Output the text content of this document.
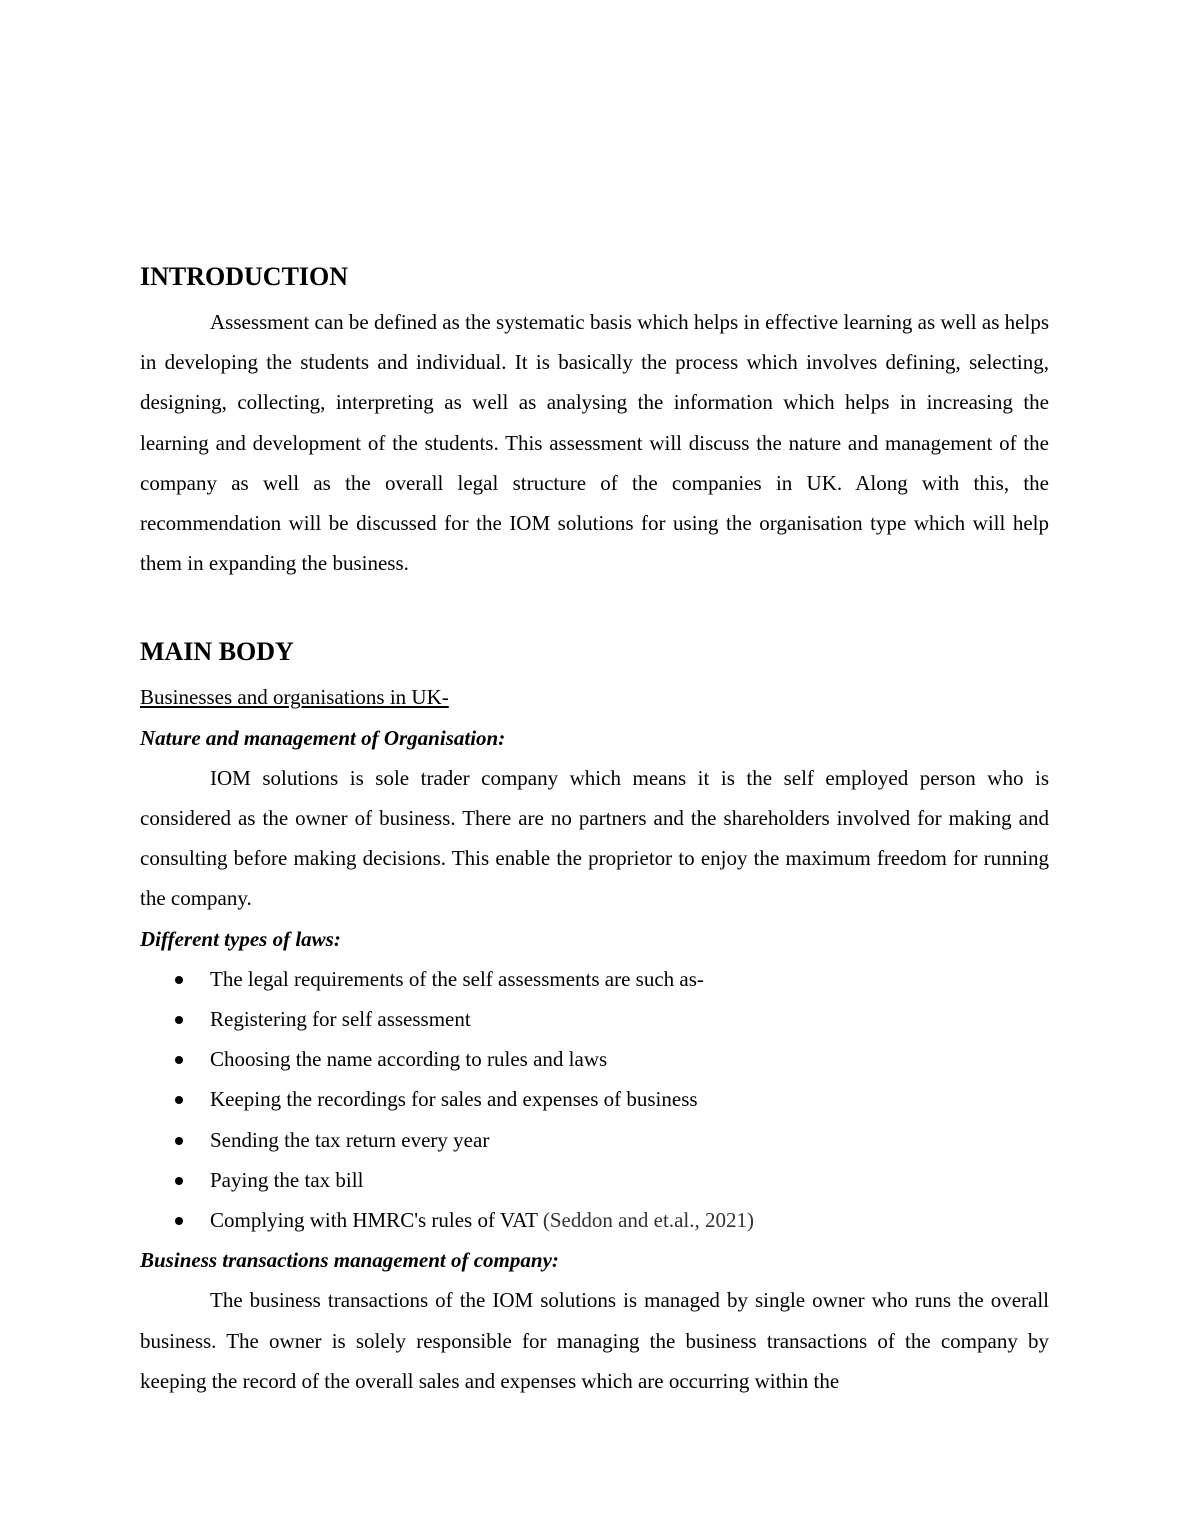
INTRODUCTION

Assessment can be defined as the systematic basis which helps in effective learning as well as helps in developing the students and individual. It is basically the process which involves defining, selecting, designing, collecting, interpreting as well as analysing the information which helps in increasing the learning and development of the students. This assessment will discuss the nature and management of the company as well as the overall legal structure of the companies in UK. Along with this, the recommendation will be discussed for the IOM solutions for using the organisation type which will help them in expanding the business.

MAIN BODY

Businesses and organisations in UK-

Nature and management of Organisation:

IOM solutions is sole trader company which means it is the self employed person who is considered as the owner of business. There are no partners and the shareholders involved for making and consulting before making decisions. This enable the proprietor to enjoy the maximum freedom for running the company.

Different types of laws:

The legal requirements of the self assessments are such as-
Registering for self assessment
Choosing the name according to rules and laws
Keeping the recordings for sales and expenses of business
Sending the tax return every year
Paying the tax bill
Complying with HMRC's rules of VAT (Seddon and et.al., 2021)

Business transactions management of company:

The business transactions of the IOM solutions is managed by single owner who runs the overall business. The owner is solely responsible for managing the business transactions of the company by keeping the record of the overall sales and expenses which are occurring within the
